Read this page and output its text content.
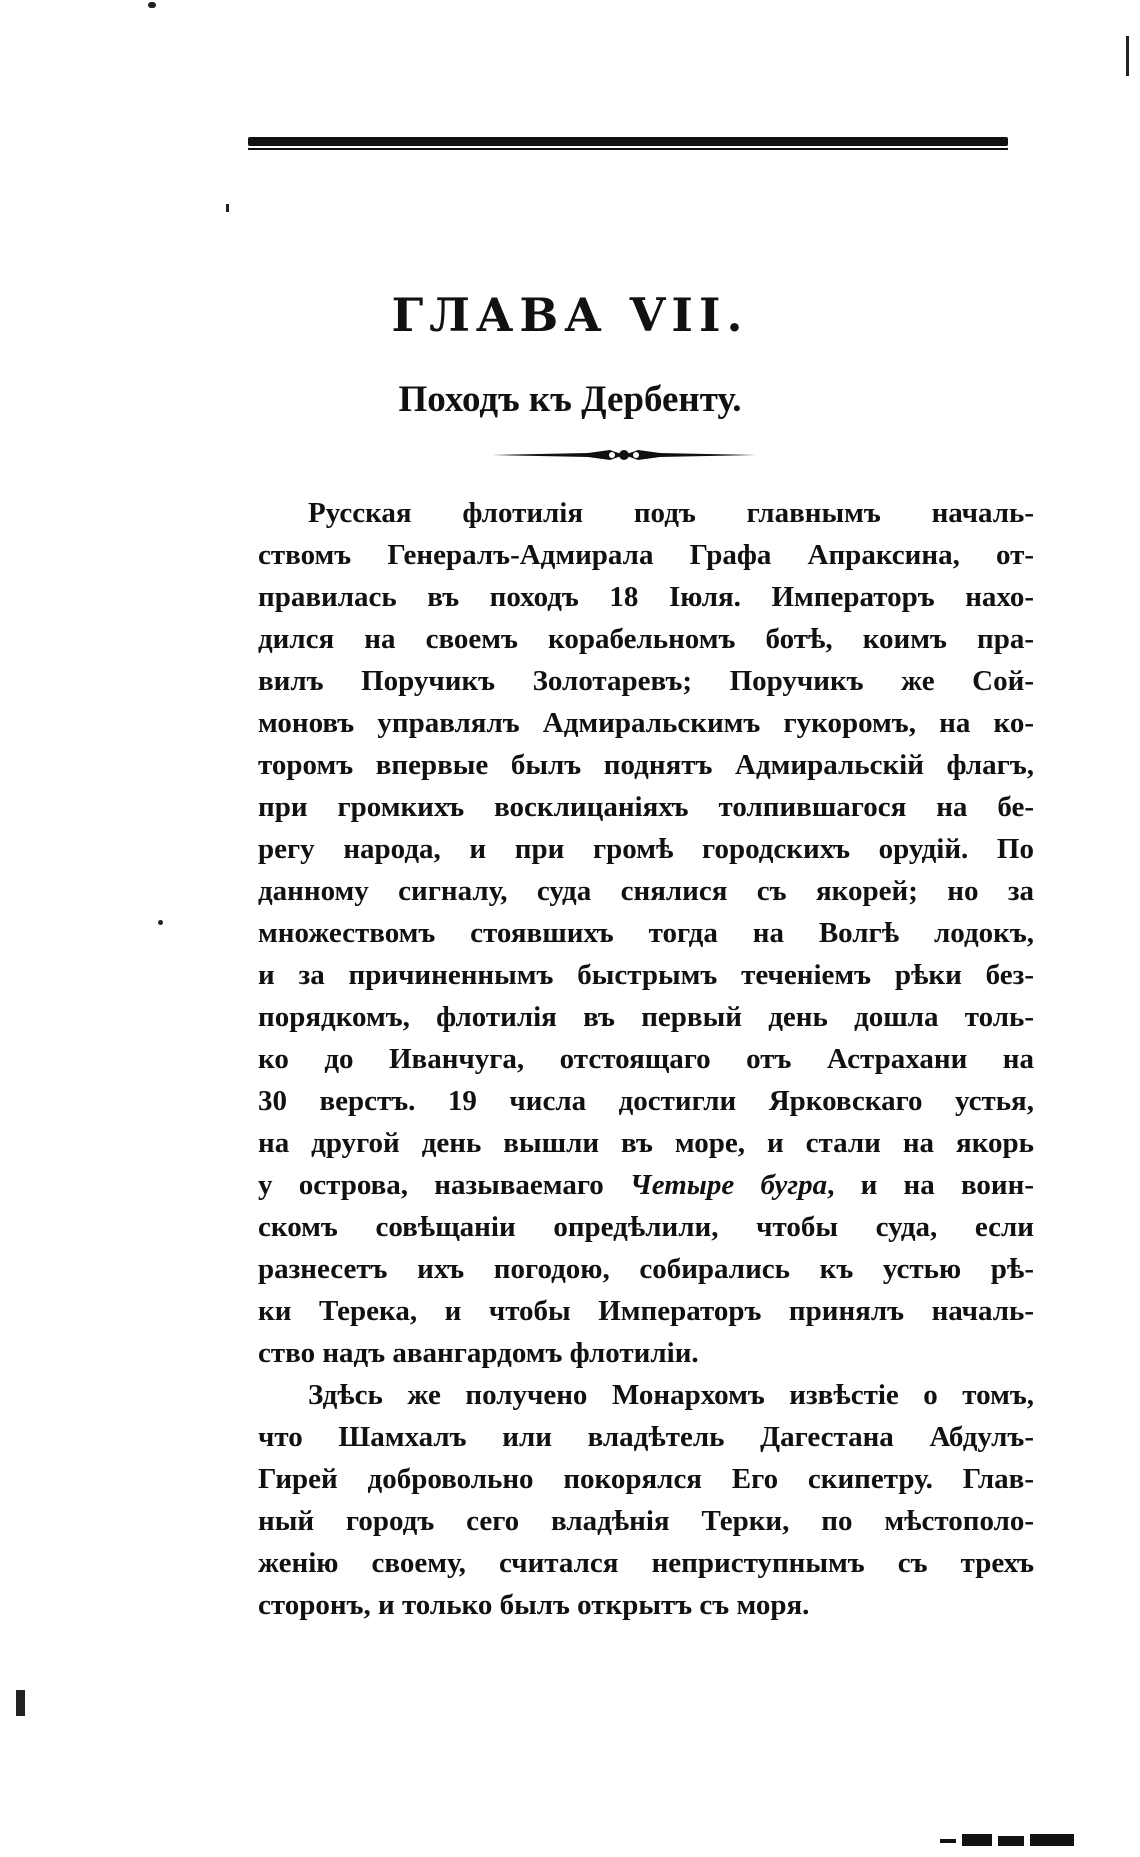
ГЛАВА VII.
Походъ къ Дербенту.

Русская флотилія подъ главнымъ началь-
ствомъ Генералъ-Адмирала Графа Апраксина, от-
правилась въ походъ 18 Іюля. Императоръ нахо-
дился на своемъ корабельномъ ботѣ, коимъ пра-
вилъ Поручикъ Золотаревъ; Поручикъ же Сой-
моновъ управлялъ Адмиральскимъ гукоромъ, на ко-
торомъ впервые былъ поднятъ Адмиральскій флагъ,
при громкихъ восклицаніяхъ толпившагося на бе-
регу народа, и при громѣ городскихъ орудій. По
данному сигналу, суда снялися съ якорей; но за
множествомъ стоявшихъ тогда на Волгѣ лодокъ,
и за причиненнымъ быстрымъ теченіемъ рѣки без-
порядкомъ, флотилія въ первый день дошла толь-
ко до Иванчуга, отстоящаго отъ Астрахани на
30 верстъ. 19 числа достигли Ярковскаго устья,
на другой день вышли въ море, и стали на якорь
у острова, называемаго Четыре бугра, и на воин-
скомъ совѣщаніи опредѣлили, чтобы суда, если
разнесетъ ихъ погодою, собирались къ устью рѣ-
ки Терека, и чтобы Императоръ принялъ началь-
ство надъ авангардомъ флотиліи.

Здѣсь же получено Монархомъ извѣстіе о томъ,
что Шамхалъ или владѣтель Дагестана Абдулъ-
Гирей добровольно покорялся Его скипетру. Глав-
ный городъ сего владѣнія Терки, по мѣстополо-
женію своему, считался неприступнымъ съ трехъ
сторонъ, и только былъ открытъ съ моря.
